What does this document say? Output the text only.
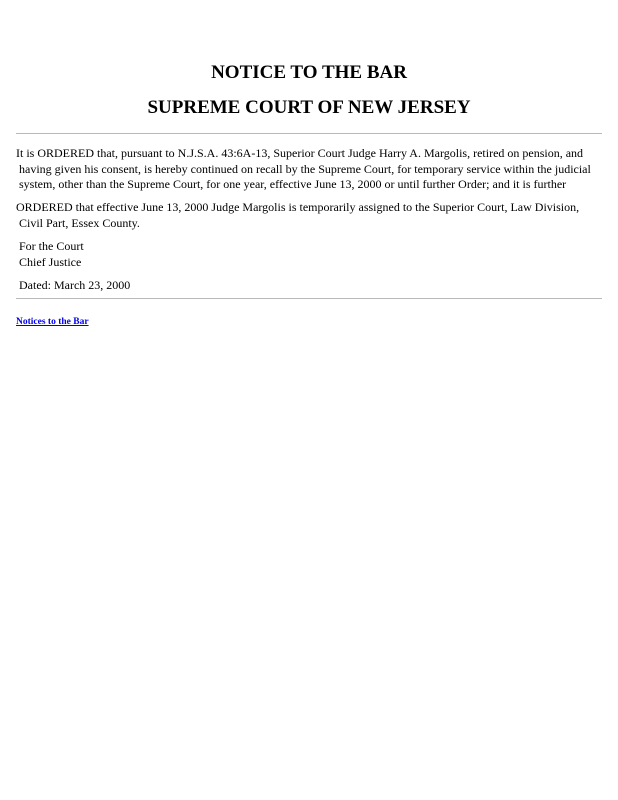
NOTICE TO THE BAR
SUPREME COURT OF NEW JERSEY
It is ORDERED that, pursuant to N.J.S.A. 43:6A-13, Superior Court Judge Harry A. Margolis, retired on pension, and
having given his consent, is hereby continued on recall by the Supreme Court, for temporary service within the judicial
system, other than the Supreme Court, for one year, effective June 13, 2000 or until further Order; and it is further
ORDERED that effective June 13, 2000 Judge Margolis is temporarily assigned to the Superior Court, Law Division,
Civil Part, Essex County.
For the Court
Chief Justice
Dated: March 23, 2000
Notices to the Bar
